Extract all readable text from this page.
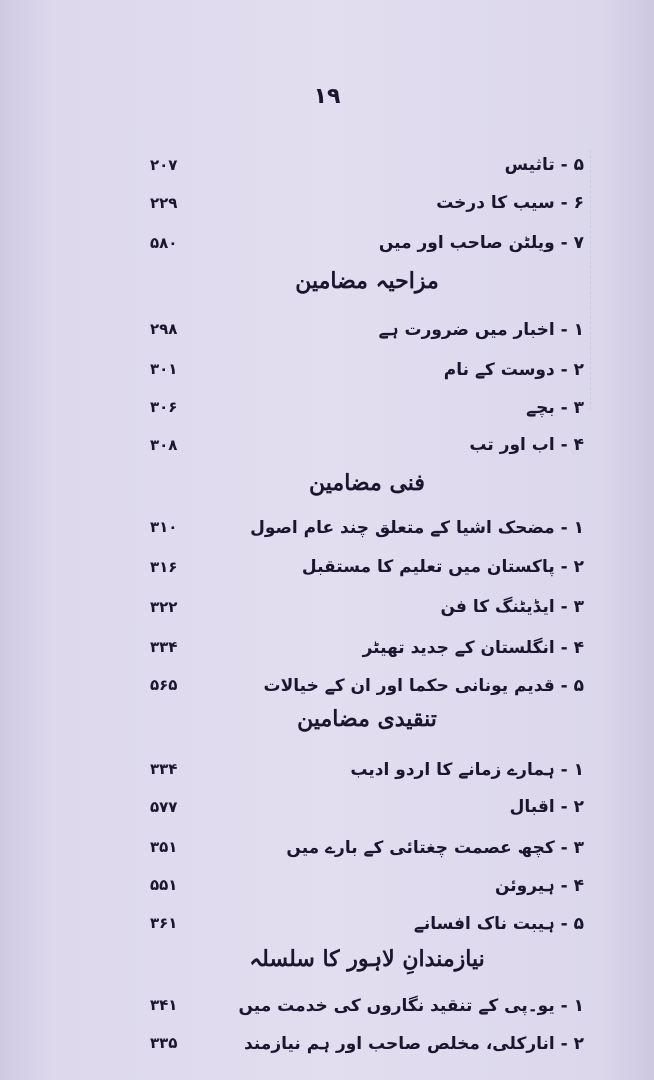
۱۹
۲۰۷	۵ - تاثیس
۲۲۹	۶ - سیب کا درخت
۵۸۰	۷ - ویلٹن صاحب اور میں
مزاحیہ مضامین
۲۹۸	۱ - اخبار میں ضرورت ہے
۳۰۱	۲ - دوست کے نام
۳۰۶	۳ - بچے
۳۰۸	۴ - اب اور تب
فنی مضامین
۳۱۰	۱ - مضحک اشیا کے متعلق چند عام اصول
۳۱۶	۲ - پاکستان میں تعلیم کا مستقبل
۳۲۲	۳ - ایڈیٹنگ کا فن
۳۳۴	۴ - انگلستان کے جدید تھیٹر
۵۶۵	۵ - قدیم یونانی حکما اور ان کے خیالات
تنقیدی مضامین
۳۳۴	۱ - ہمارے زمانے کا اردو ادیب
۵۷۷	۲ - اقبال
۳۵۱	۳ - کچھ عصمت چغتائی کے بارے میں
۵۵۱	۴ - ہیروئن
۳۶۱	۵ - ہیبت ناک افسانے
نیازمندانِ لاہور کا سلسلہ
۳۴۱	۱ - یو۔پی کے تنقید نگاروں کی خدمت میں
۳۳۵	۲ - انارکلی، مخلص صاحب اور ہم نیازمند
